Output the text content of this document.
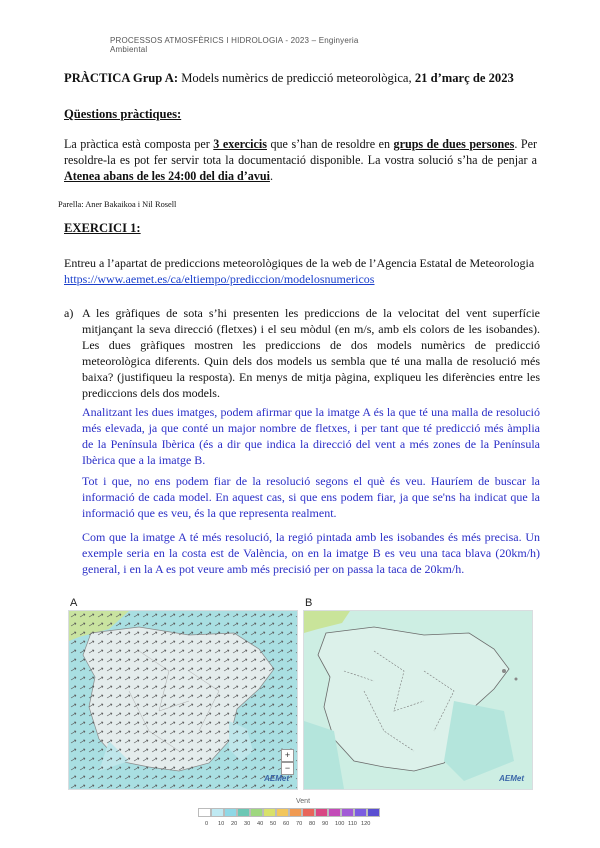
PROCESSOS ATMOSFÈRICS I HIDROLOGIA - 2023 – Enginyeria
Ambiental
PRÀCTICA Grup A: Models numèrics de predicció meteorològica, 21 d’març de 2023
Qüestions pràctiques:
La pràctica està composta per 3 exercicis que s’han de resoldre en grups de dues persones. Per resoldre-la es pot fer servir tota la documentació disponible. La vostra solució s’ha de penjar a Atenea abans de les 24:00 del dia d’avui.
Parella: Aner Bakaikoa i Nil Rosell
EXERCICI 1:
Entreu a l’apartat de prediccions meteorològiques de la web de l’Agencia Estatal de Meteorologia https://www.aemet.es/ca/eltiempo/prediccion/modelosnumericos
a) A les gràfiques de sota s’hi presenten les prediccions de la velocitat del vent superfície mitjançant la seva direcció (fletxes) i el seu mòdul (en m/s, amb els colors de les isobandes). Les dues gràfiques mostren les prediccions de dos models numèrics de predicció meteorològica diferents. Quin dels dos models us sembla que té una malla de resolució més baixa? (justifiqueu la resposta). En menys de mitja pàgina, expliqueu les diferències entre les prediccions dels dos models.
Analitzant les dues imatges, podem afirmar que la imatge A és la que té una malla de resolució més elevada, ja que conté un major nombre de fletxes, i per tant que té predicció més àmplia de la Península Ibèrica (és a dir que indica la direcció del vent a més zones de la Península Ibèrica que a la imatge B.
Tot i que, no ens podem fiar de la resolució segons el què és veu. Hauríem de buscar la informació de cada model. En aquest cas, si que ens podem fiar, ja que se'ns ha indicat que la informació que es veu, és la que representa realment.
Com que la imatge A té més resolució, la regió pintada amb les isobandes és més precisa. Un exemple seria en la costa est de València, on en la imatge B es veu una taca blava (20km/h) general, i en la A es pot veure amb més precisió per on passa la taca de 20km/h.
A	B
+
−
AEMet	AEMet
Vent
0 10 20 30 40 50 60 70 80 90 100 110 120
